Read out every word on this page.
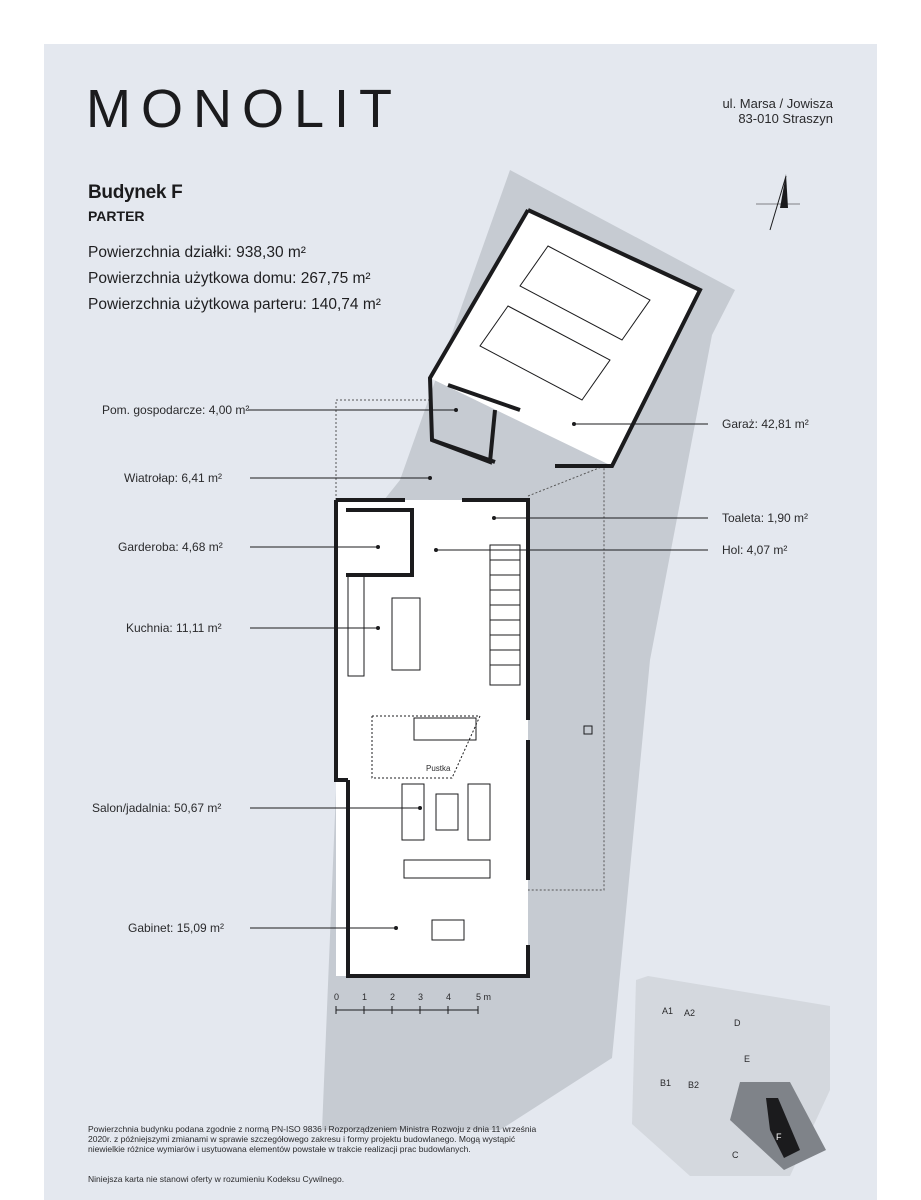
MONOLIT	ul. Marsa / Jowisza
83-010 Straszyn
Budynek F
PARTER
Powierzchnia działki: 938,30 m²
Powierzchnia użytkowa domu: 267,75 m²
Powierzchnia użytkowa parteru: 140,74 m²
Pom. gospodarcze: 4,00 m²
Wiatrołap: 6,41 m²
Garderoba: 4,68 m²
Kuchnia: 11,11 m²
Salon/jadalnia: 50,67 m²
Gabinet: 15,09 m²
Garaż: 42,81 m²
Toaleta: 1,90 m²
Hol: 4,07 m²
Pustka
0	1	2	3	4	5 m
A1 A2
D
E
B1 B2
F
C
Powierzchnia budynku podana zgodnie z normą PN-ISO 9836 i Rozporządzeniem Ministra Rozwoju z dnia 11 września 2020r. z późniejszymi zmianami w sprawie szczegółowego zakresu i formy projektu budowlanego. Mogą wystąpić niewielkie różnice wymiarów i usytuowana elementów powstałe w trakcie realizacji prac budowlanych.
Niniejsza karta nie stanowi oferty w rozumieniu Kodeksu Cywilnego.
